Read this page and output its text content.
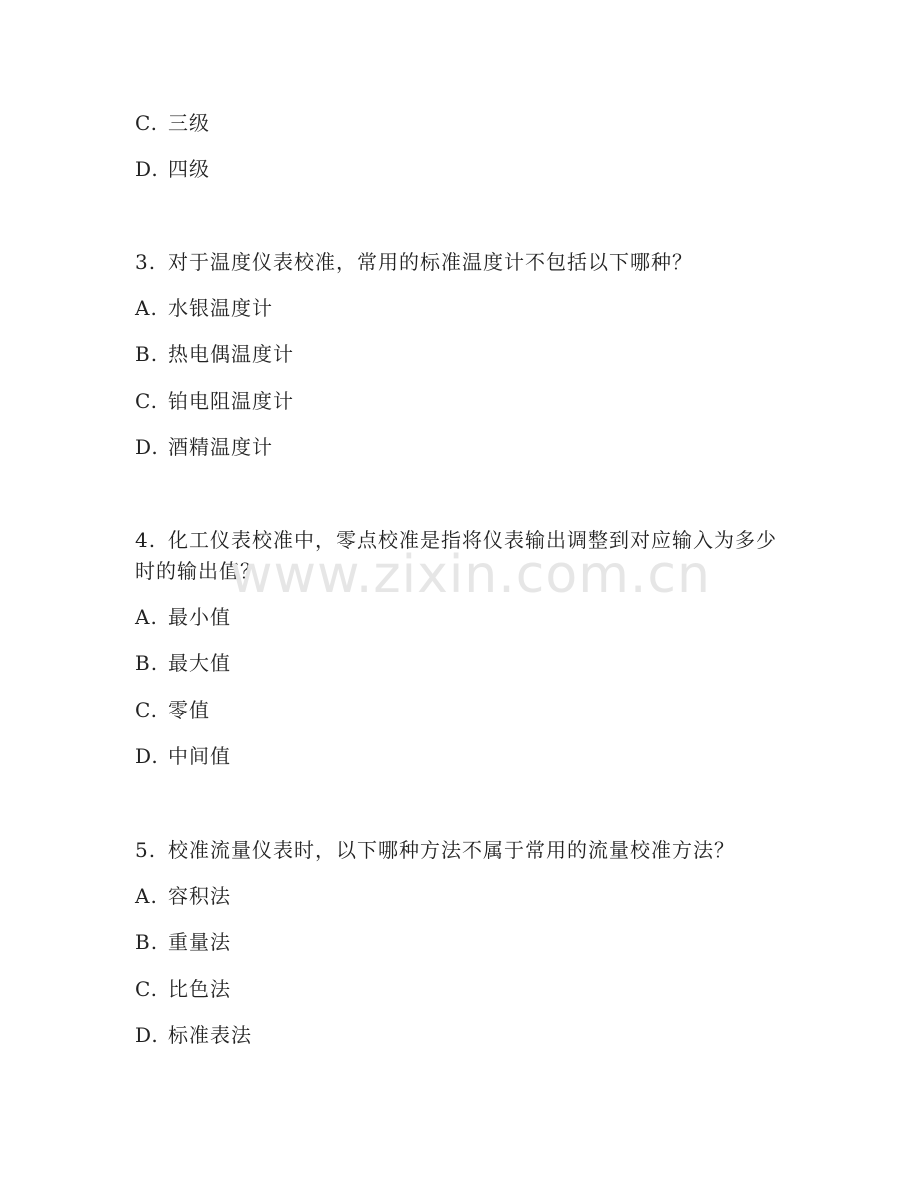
C. 三级
D. 四级
3. 对于温度仪表校准，常用的标准温度计不包括以下哪种？
A. 水银温度计
B. 热电偶温度计
C. 铂电阻温度计
D. 酒精温度计
4. 化工仪表校准中，零点校准是指将仪表输出调整到对应输入为多少
时的输出值？
A. 最小值
B. 最大值
C. 零值
D. 中间值
5. 校准流量仪表时，以下哪种方法不属于常用的流量校准方法？
A. 容积法
B. 重量法
C. 比色法
D. 标准表法
www.zixin.com.cn
